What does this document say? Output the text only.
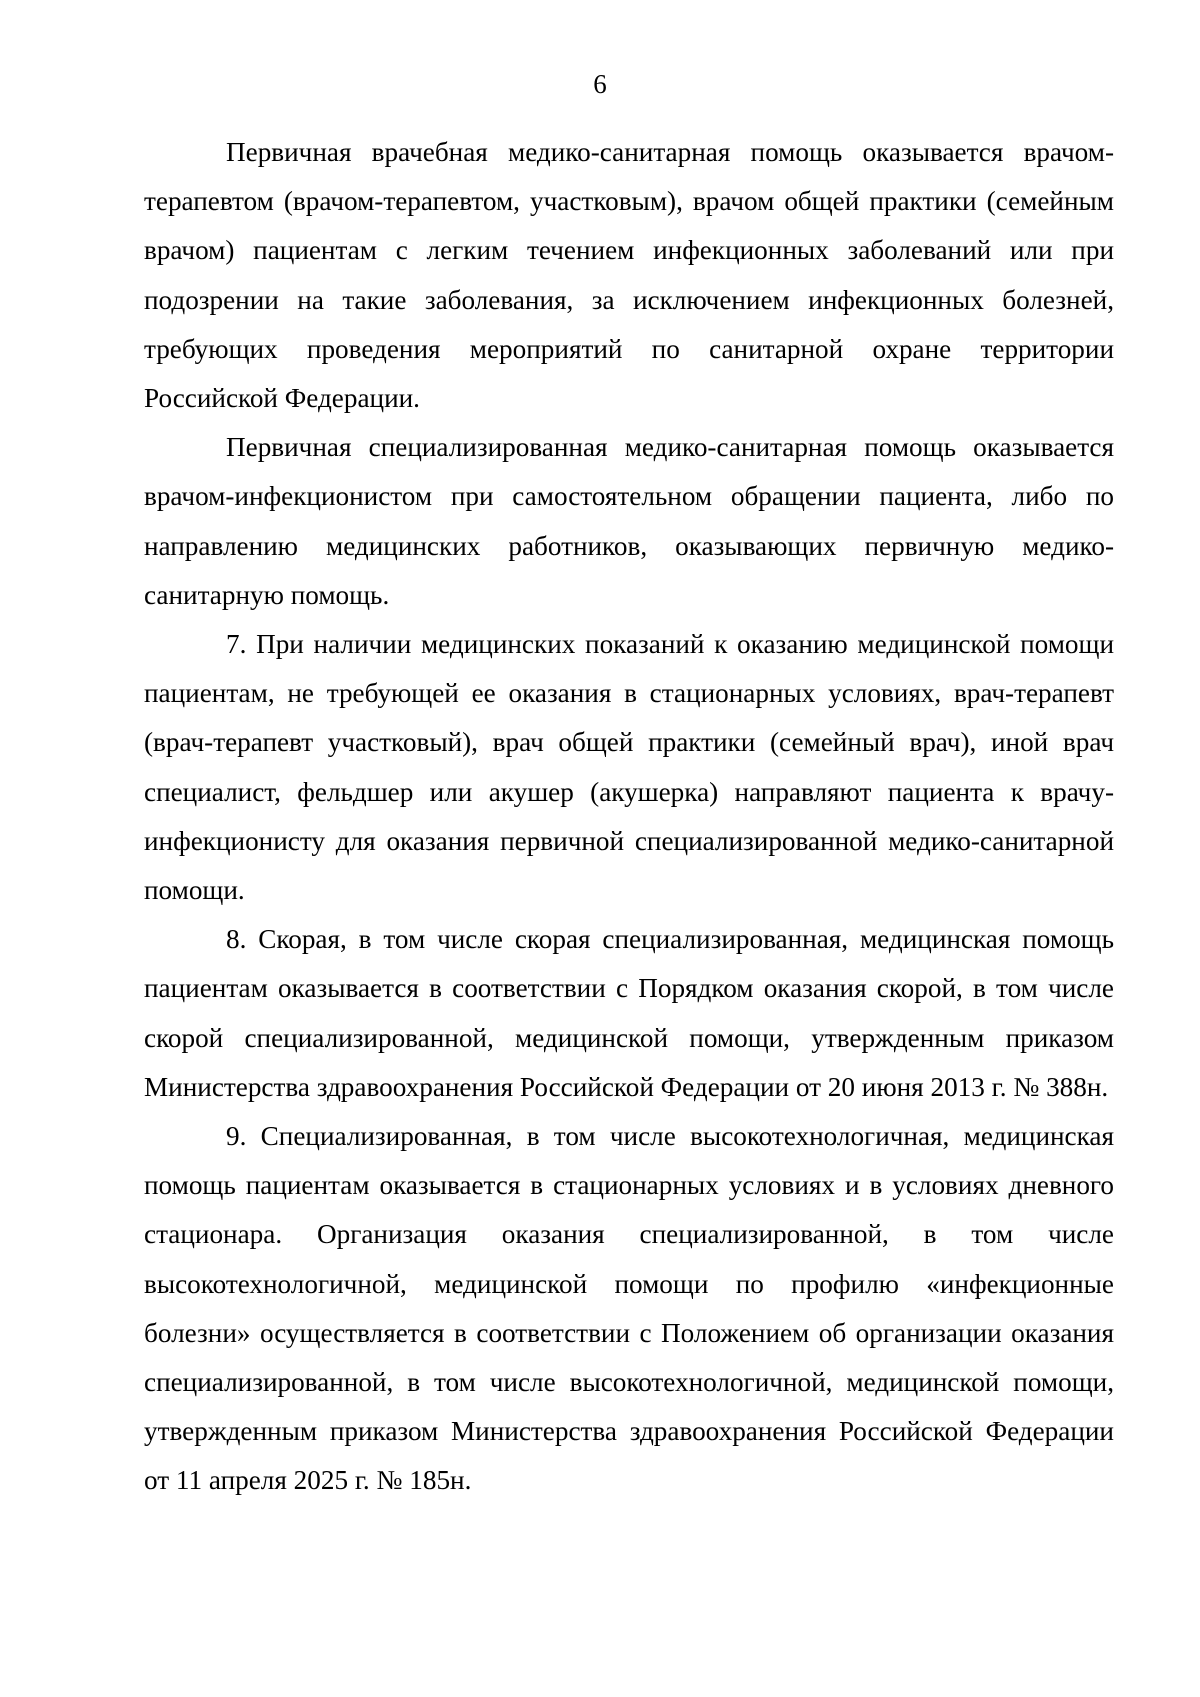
6

Первичная врачебная медико-санитарная помощь оказывается врачом-терапевтом (врачом-терапевтом, участковым), врачом общей практики (семейным врачом) пациентам с легким течением инфекционных заболеваний или при подозрении на такие заболевания, за исключением инфекционных болезней, требующих проведения мероприятий по санитарной охране территории Российской Федерации.

Первичная специализированная медико-санитарная помощь оказывается врачом-инфекционистом при самостоятельном обращении пациента, либо по направлению медицинских работников, оказывающих первичную медико-санитарную помощь.

7. При наличии медицинских показаний к оказанию медицинской помощи пациентам, не требующей ее оказания в стационарных условиях, врач-терапевт (врач-терапевт участковый), врач общей практики (семейный врач), иной врач специалист, фельдшер или акушер (акушерка) направляют пациента к врачу-инфекционисту для оказания первичной специализированной медико-санитарной помощи.

8. Скорая, в том числе скорая специализированная, медицинская помощь пациентам оказывается в соответствии с Порядком оказания скорой, в том числе скорой специализированной, медицинской помощи, утвержденным приказом Министерства здравоохранения Российской Федерации от 20 июня 2013 г. № 388н.

9. Специализированная, в том числе высокотехнологичная, медицинская помощь пациентам оказывается в стационарных условиях и в условиях дневного стационара. Организация оказания специализированной, в том числе высокотехнологичной, медицинской помощи по профилю «инфекционные болезни» осуществляется в соответствии с Положением об организации оказания специализированной, в том числе высокотехнологичной, медицинской помощи, утвержденным приказом Министерства здравоохранения Российской Федерации от 11 апреля 2025 г. № 185н.
